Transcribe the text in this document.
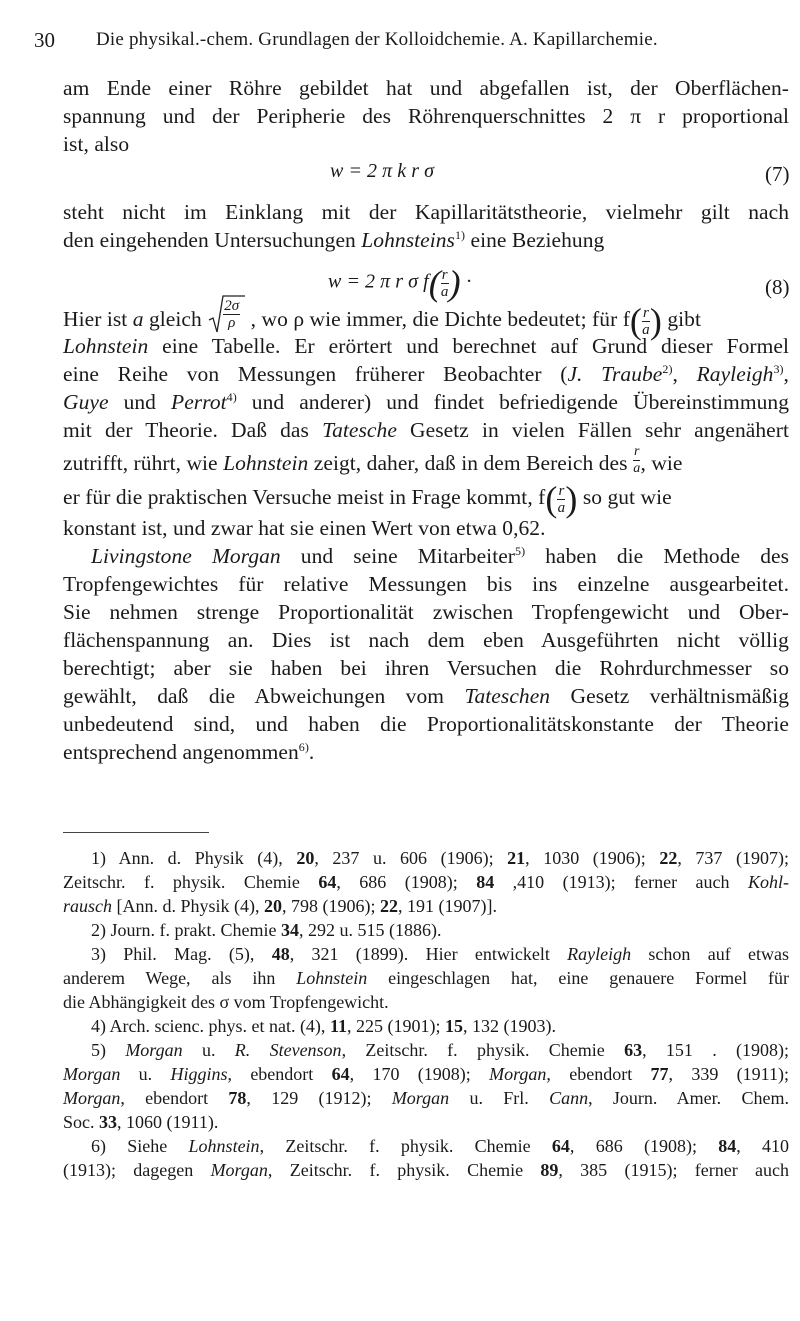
30 Die physikal.-chem. Grundlagen der Kolloidchemie. A. Kapillarchemie.
am Ende einer Röhre gebildet hat und abgefallen ist, der Oberflächen-
spannung und der Peripherie des Röhrenquerschnittes 2 π r proportional
ist, also
w = 2 π k r σ	(7)
steht nicht im Einklang mit der Kapillaritätstheorie, vielmehr gilt nach
den eingehenden Untersuchungen Lohnsteins$^{1)}$ eine Beziehung
w = 2 π r σ $f( \frac{r}{a}$ ) ·	(8)
Hier ist a gleich $\frac{2\sigma}{\rho}$ , wo ρ wie immer, die Dichte bedeutet; für $f( \frac{r}{a}$ ) gibt
Lohnstein eine Tabelle. Er erörtert und berechnet auf Grund dieser Formel
eine Reihe von Messungen früherer Beobachter (J. Traube$^{2)}$, Rayleigh$^{3)}$,
Guye und Perrot$^{4)}$ und anderer) und findet befriedigende Übereinstimmung
mit der Theorie. Daß das Tatesche Gesetz in vielen Fällen sehr angenähert
zutrifft, rührt, wie Lohnstein zeigt, daher, daß in dem Bereich des $\frac{r}{a}$ , wie
er für die praktischen Versuche meist in Frage kommt, $f( \frac{r}{a}$ ) so gut wie
konstant ist, und zwar hat sie einen Wert von etwa 0,62.
Livingstone Morgan und seine Mitarbeiter$^{5)}$ haben die Methode des
Tropfengewichtes für relative Messungen bis ins einzelne ausgearbeitet.
Sie nehmen strenge Proportionalität zwischen Tropfengewicht und Ober-
flächenspannung an. Dies ist nach dem eben Ausgeführten nicht völlig
berechtigt; aber sie haben bei ihren Versuchen die Rohrdurchmesser so
gewählt, daß die Abweichungen vom Tateschen Gesetz verhältnismäßig
unbedeutend sind, und haben die Proportionalitätskonstante der Theorie
entsprechend angenommen$^{6)}$.
1) Ann. d. Physik (4), 20, 237 u. 606 (1906); 21, 1030 (1906); 22, 737 (1907);
Zeitschr. f. physik. Chemie 64, 686 (1908); 84 ,410 (1913); ferner auch Kohl-
rausch [Ann. d. Physik (4), 20, 798 (1906); 22, 191 (1907)].
2) Journ. f. prakt. Chemie 34, 292 u. 515 (1886).
3) Phil. Mag. (5), 48, 321 (1899). Hier entwickelt Rayleigh schon auf etwas
anderem Wege, als ihn Lohnstein eingeschlagen hat, eine genauere Formel für
die Abhängigkeit des σ vom Tropfengewicht.
4) Arch. scienc. phys. et nat. (4), 11, 225 (1901); 15, 132 (1903).
5) Morgan u. R. Stevenson, Zeitschr. f. physik. Chemie 63, 151 . (1908);
Morgan u. Higgins, ebendort 64, 170 (1908); Morgan, ebendort 77, 339 (1911);
Morgan, ebendort 78, 129 (1912); Morgan u. Frl. Cann, Journ. Amer. Chem.
Soc. 33, 1060 (1911).
6) Siehe Lohnstein, Zeitschr. f. physik. Chemie 64, 686 (1908); 84, 410
(1913); dagegen Morgan, Zeitschr. f. physik. Chemie 89, 385 (1915); ferner auch
